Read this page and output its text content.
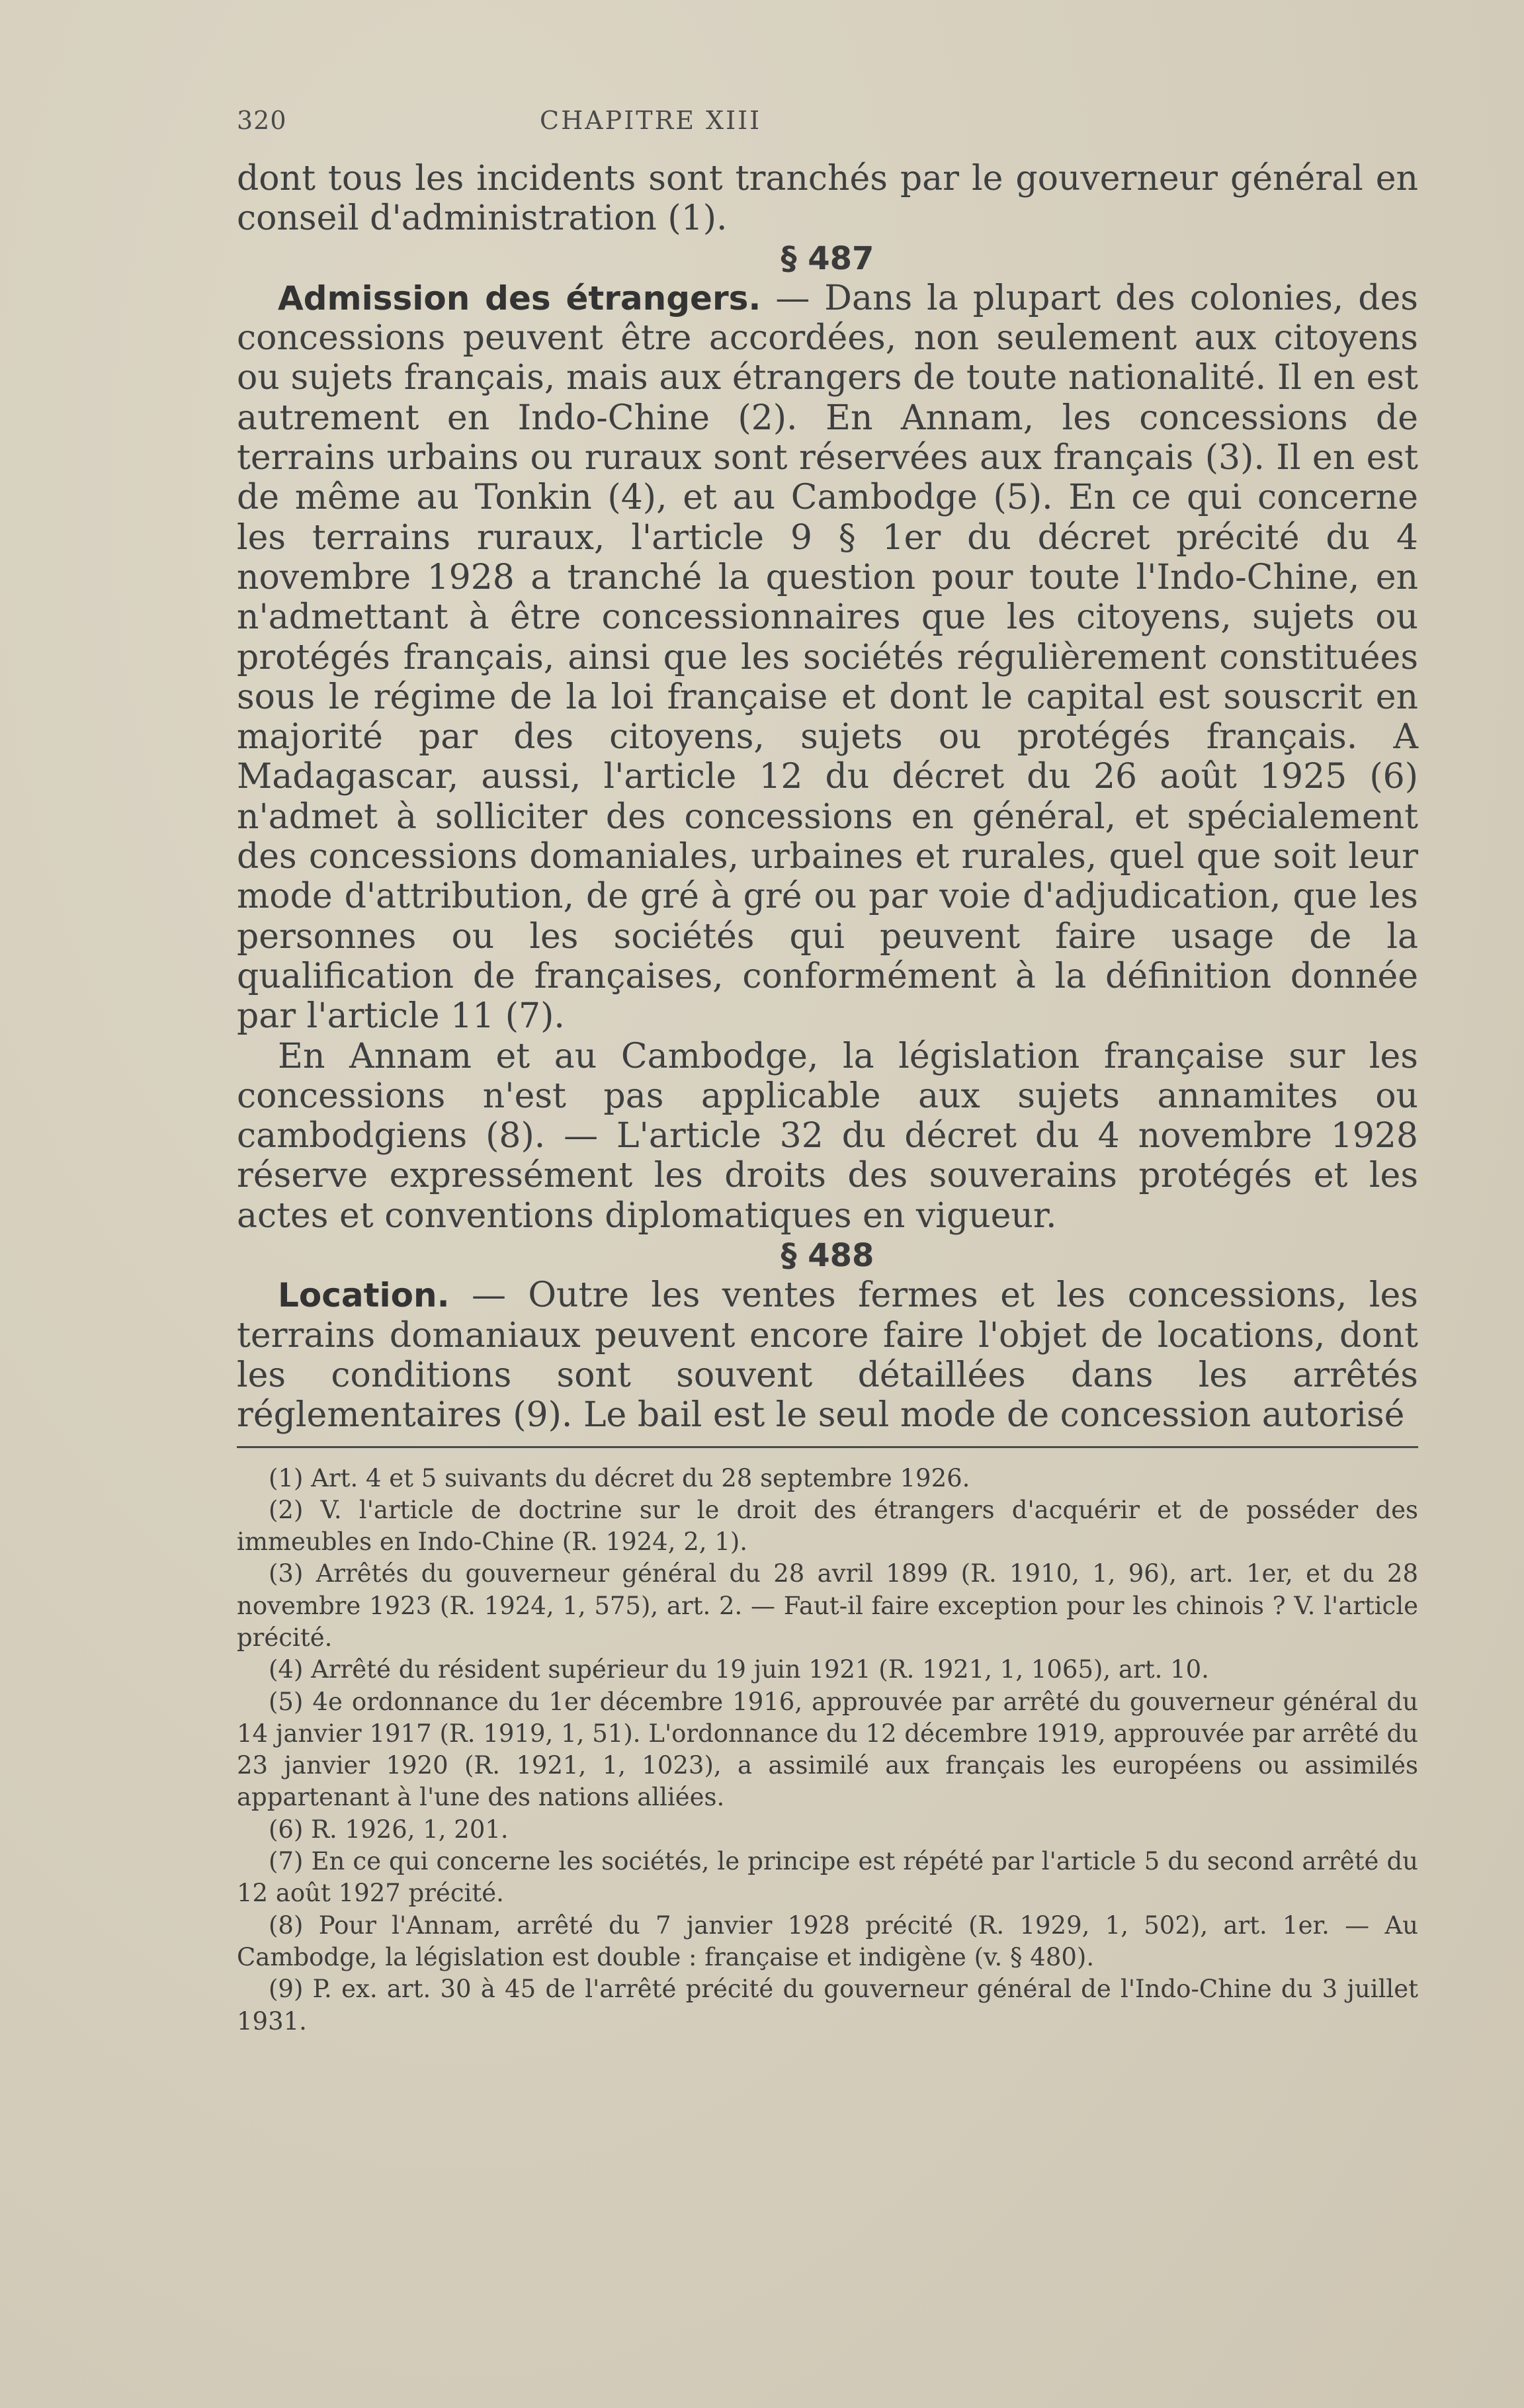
320	CHAPITRE XIII

dont tous les incidents sont tranchés par le gouverneur général en conseil d'administration (1).

§ 487

Admission des étrangers. — Dans la plupart des colonies, des concessions peuvent être accordées, non seulement aux citoyens ou sujets français, mais aux étrangers de toute nationalité. Il en est autrement en Indo-Chine (2). En Annam, les concessions de terrains urbains ou ruraux sont réservées aux français (3). Il en est de même au Tonkin (4), et au Cambodge (5). En ce qui concerne les terrains ruraux, l'article 9 § 1er du décret précité du 4 novembre 1928 a tranché la question pour toute l'Indo-Chine, en n'admettant à être concessionnaires que les citoyens, sujets ou protégés français, ainsi que les sociétés régulièrement constituées sous le régime de la loi française et dont le capital est souscrit en majorité par des citoyens, sujets ou protégés français. A Madagascar, aussi, l'article 12 du décret du 26 août 1925 (6) n'admet à solliciter des concessions en général, et spécialement des concessions domaniales, urbaines et rurales, quel que soit leur mode d'attribution, de gré à gré ou par voie d'adjudication, que les personnes ou les sociétés qui peuvent faire usage de la qualification de françaises, conformément à la définition donnée par l'article 11 (7).

En Annam et au Cambodge, la législation française sur les concessions n'est pas applicable aux sujets annamites ou cambodgiens (8). — L'article 32 du décret du 4 novembre 1928 réserve expressément les droits des souverains protégés et les actes et conventions diplomatiques en vigueur.

§ 488

Location. — Outre les ventes fermes et les concessions, les terrains domaniaux peuvent encore faire l'objet de locations, dont les conditions sont souvent détaillées dans les arrêtés réglementaires (9). Le bail est le seul mode de concession autorisé

(1) Art. 4 et 5 suivants du décret du 28 septembre 1926.

(2) V. l'article de doctrine sur le droit des étrangers d'acquérir et de posséder des immeubles en Indo-Chine (R. 1924, 2, 1).

(3) Arrêtés du gouverneur général du 28 avril 1899 (R. 1910, 1, 96), art. 1er, et du 28 novembre 1923 (R. 1924, 1, 575), art. 2. — Faut-il faire exception pour les chinois ? V. l'article précité.

(4) Arrêté du résident supérieur du 19 juin 1921 (R. 1921, 1, 1065), art. 10.

(5) 4e ordonnance du 1er décembre 1916, approuvée par arrêté du gouverneur général du 14 janvier 1917 (R. 1919, 1, 51). L'ordonnance du 12 décembre 1919, approuvée par arrêté du 23 janvier 1920 (R. 1921, 1, 1023), a assimilé aux français les européens ou assimilés appartenant à l'une des nations alliées.

(6) R. 1926, 1, 201.

(7) En ce qui concerne les sociétés, le principe est répété par l'article 5 du second arrêté du 12 août 1927 précité.

(8) Pour l'Annam, arrêté du 7 janvier 1928 précité (R. 1929, 1, 502), art. 1er. — Au Cambodge, la législation est double : française et indigène (v. § 480).

(9) P. ex. art. 30 à 45 de l'arrêté précité du gouverneur général de l'Indo-Chine du 3 juillet 1931.
